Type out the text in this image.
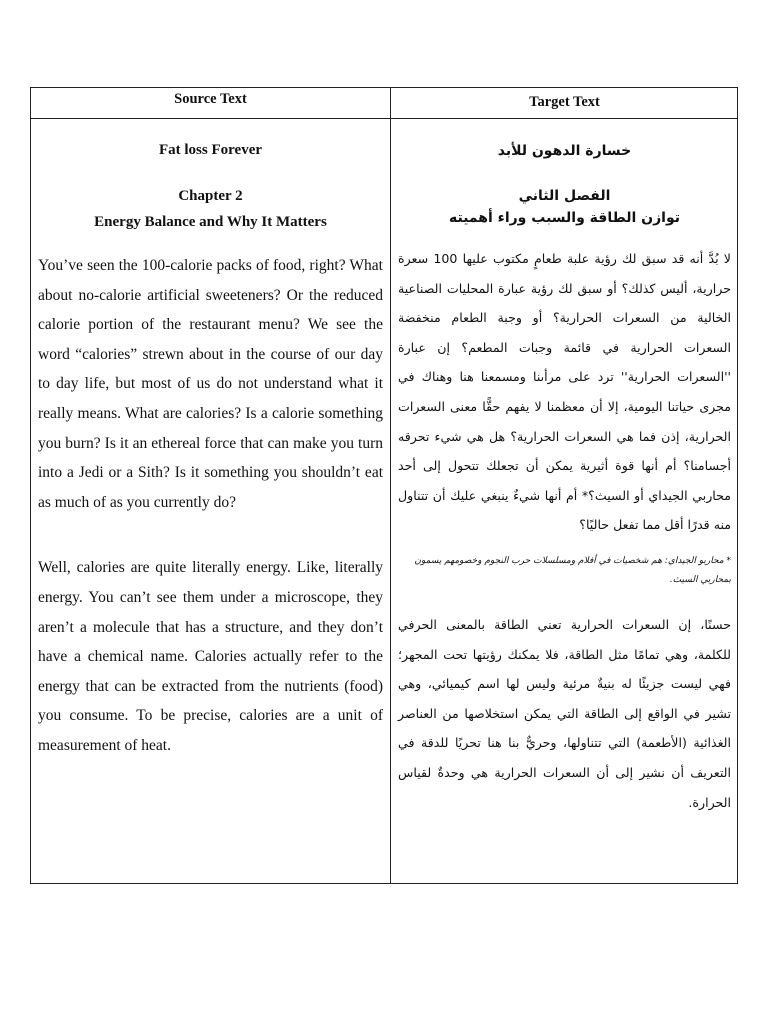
Source Text	Target Text
Fat loss Forever
Chapter 2
Energy Balance and Why It Matters

You’ve seen the 100-calorie packs of food, right? What about no-calorie artificial sweeteners? Or the reduced calorie portion of the restaurant menu? We see the word “calories” strewn about in the course of our day to day life, but most of us do not understand what it really means. What are calories? Is a calorie something you burn? Is it an ethereal force that can make you turn into a Jedi or a Sith? Is it something you shouldn’t eat as much of as you currently do?

Well, calories are quite literally energy. Like, literally energy. You can’t see them under a microscope, they aren’t a molecule that has a structure, and they don’t have a chemical name. Calories actually refer to the energy that can be extracted from the nutrients (food) you consume. To be precise, calories are a unit of measurement of heat.

خسارة الدهون للأبد
الفصل الثاني
توازن الطاقة والسبب وراء أهميته

لا بُدَّ أنه قد سبق لك رؤية علبة طعامٍ مكتوب عليها 100 سعرة حرارية، أليس كذلك؟ أو سبق لك رؤية عبارة المحليات الصناعية الخالية من السعرات الحرارية؟ أو وجبة الطعام منخفضة السعرات الحرارية في قائمة وجبات المطعم؟ إن عبارة ''السعرات الحرارية'' ترد على مرأىنا ومسمعنا هنا وهناك في مجرى حياتنا اليومية، إلا أن معظمنا لا يفهم حقًّا معنى السعرات الحرارية، إذن فما هي السعرات الحرارية؟ هل هي شيء تحرقه أجسامنا؟ أم أنها قوة أثيرية يمكن أن تجعلك تتحول إلى أحد محاربي الجيداي أو السيث؟* أم أنها شيءٌ ينبغي عليك أن تتناول منه قدرًا أقل مما تفعل حاليًا؟

* محاربو الجيداي: هم شخصيات في أفلام ومسلسلات حرب النجوم وخصومهم يسمون بمحاربي السيث.

حسنًا، إن السعرات الحرارية تعني الطاقة بالمعنى الحرفي للكلمة، وهي تمامًا مثل الطاقة، فلا يمكنك رؤيتها تحت المجهر؛ فهي ليست جزيئًا له بنيةٌ مرئية وليس لها اسم كيميائي، وهي تشير في الواقع إلى الطاقة التي يمكن استخلاصها من العناصر الغذائية (الأطعمة) التي تتناولها، وحريٌّ بنا هنا تحريًا للدقة في التعريف أن نشير إلى أن السعرات الحرارية هي وحدةٌ لقياس الحرارة.
